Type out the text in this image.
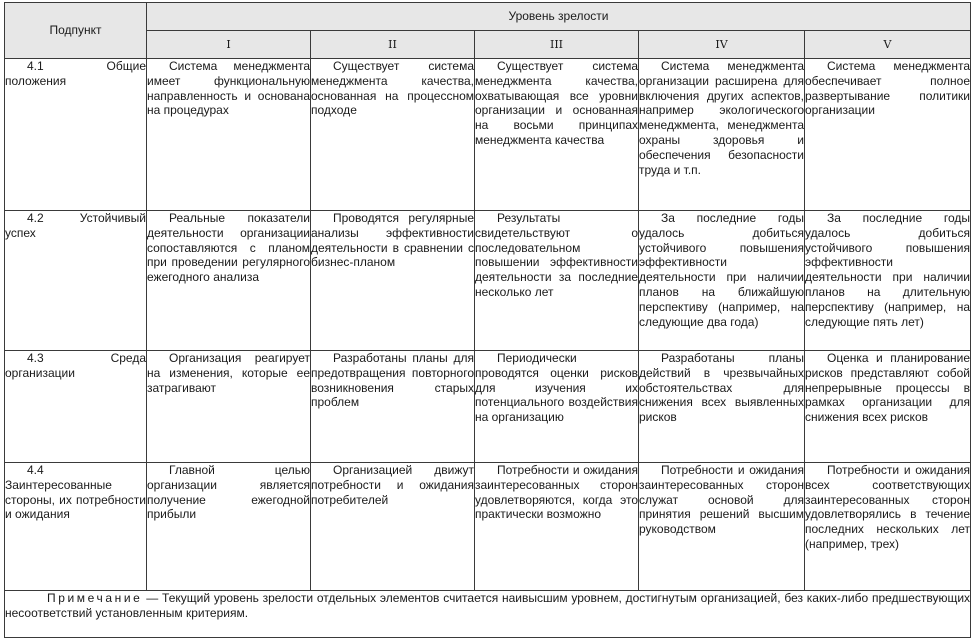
Подпункт	Уровень зрелости				
	I	II	III	IV	V

4.1 Общие положения	Система менеджмента имеет функциональную направленность и основана на процедурах	Существует система менеджмента качества, основанная на процессном подходе	Существует система менеджмента качества, охватывающая все уровни организации и основанная на восьми принципах менеджмента качества	Система менеджмента организации расширена для включения других аспектов, например экологического менеджмента, менеджмента охраны здоровья и обеспечения безопасности труда и т.п.	Система менеджмента обеспечивает полное развертывание политики организации

4.2 Устойчивый успех	Реальные показатели деятельности организации сопоставляются с планом при проведении регулярного ежегодного анализа	Проводятся регулярные анализы эффективности деятельности в сравнении с бизнес-планом	Результаты свидетельствуют о последовательном повышении эффективности деятельности за последние несколько лет	За последние годы удалось добиться устойчивого повышения эффективности деятельности при наличии планов на ближайшую перспективу (например, на следующие два года)	За последние годы удалось добиться устойчивого повышения эффективности деятельности при наличии планов на длительную перспективу (например, на следующие пять лет)

4.3 Среда организации	Организация реагирует на изменения, которые ее затрагивают	Разработаны планы для предотвращения повторного возникновения старых проблем	Периодически проводятся оценки рисков для изучения их потенциального воздействия на организацию	Разработаны планы действий в чрезвычайных обстоятельствах для снижения всех выявленных рисков	Оценка и планирование рисков представляют собой непрерывные процессы в рамках организации для снижения всех рисков

4.4 Заинтересованные стороны, их потребности и ожидания	Главной целью организации является получение ежегодной прибыли	Организацией движут потребности и ожидания потребителей	Потребности и ожидания заинтересованных сторон удовлетворяются, когда это практически возможно	Потребности и ожидания заинтересованных сторон служат основой для принятия решений высшим руководством	Потребности и ожидания всех соответствующих заинтересованных сторон удовлетворялись в течение последних нескольких лет (например, трех)

Примечание — Текущий уровень зрелости отдельных элементов считается наивысшим уровнем, достигнутым организацией, без каких-либо предшествующих несоответствий установленным критериям.					
